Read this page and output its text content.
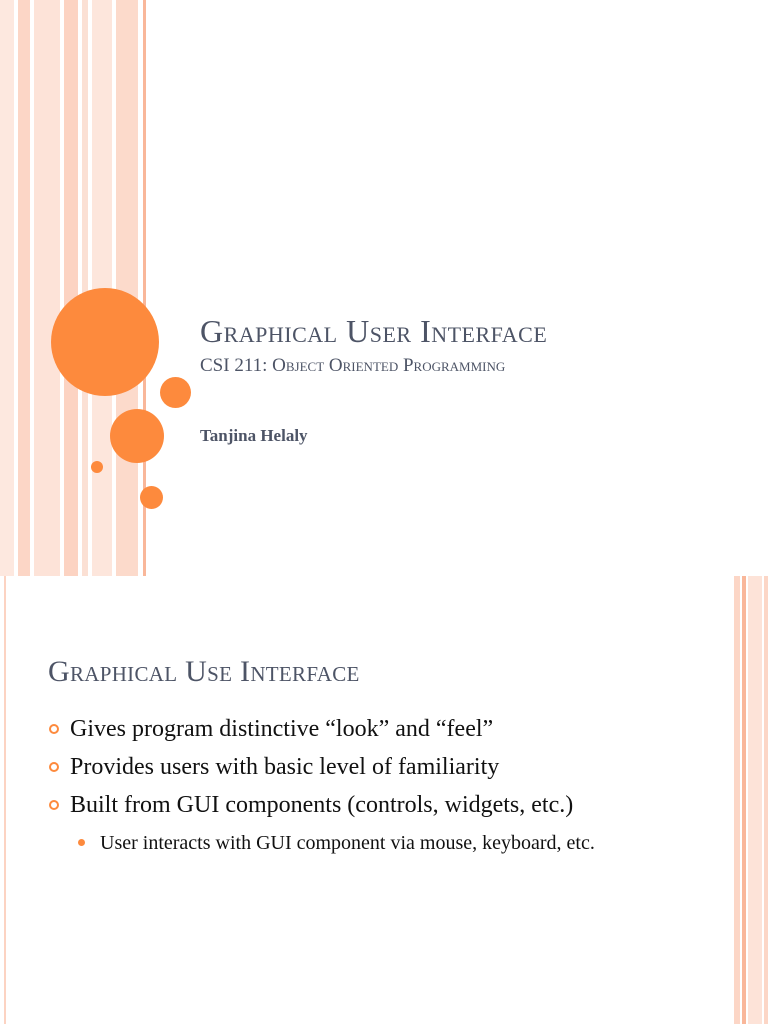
Graphical User Interface
CSI 211: Object Oriented Programming
Tanjina Helaly
Graphical Use Interface
Gives program distinctive “look” and “feel”
Provides users with basic level of familiarity
Built from GUI components (controls, widgets, etc.)
User interacts with GUI component via mouse, keyboard, etc.
